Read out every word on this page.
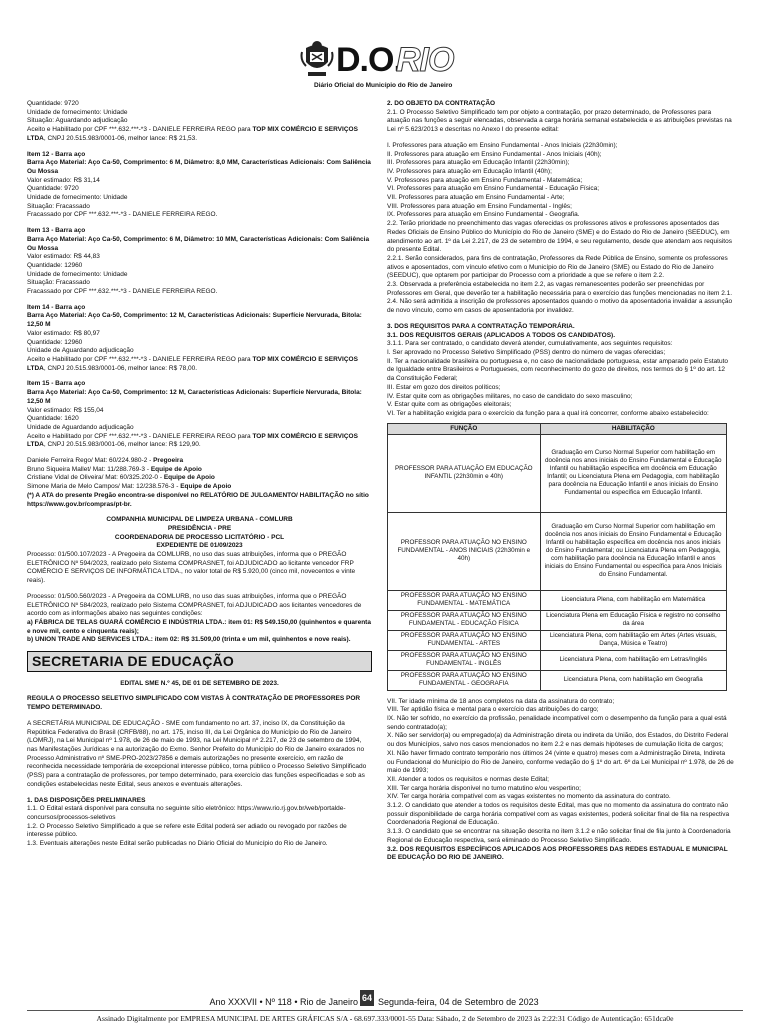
D.O.
RIO
Diário Oficial do Município do Rio de Janeiro

Quantidade: 9720

Unidade de fornecimento: Unidade

Situação: Aguardando adjudicação

Aceito e Habilitado por CPF ***.632.***-*3 - DANIELE FERREIRA REGO para TOP MIX COMÉRCIO E SERVIÇOS LTDA, CNPJ 20.515.983/0001-06, melhor lance: R$ 21,53.

Item 12 - Barra aço

Barra Aço Material: Aço Ca-50, Comprimento: 6 M, Diâmetro: 8,0 MM, Características Adicionais: Com Saliência Ou Mossa

Valor estimado: R$ 31,14

Quantidade: 9720

Unidade de fornecimento: Unidade

Situação: Fracassado

Fracassado por CPF ***.632.***-*3 - DANIELE FERREIRA REGO.

Item 13 - Barra aço

Barra Aço Material: Aço Ca-50, Comprimento: 6 M, Diâmetro: 10 MM, Características Adicionais: Com Saliência Ou Mossa

Valor estimado: R$ 44,83

Quantidade: 12960

Unidade de fornecimento: Unidade

Situação: Fracassado

Fracassado por CPF ***.632.***-*3 - DANIELE FERREIRA REGO.

Item 14 - Barra aço

Barra Aço Material: Aço Ca-50, Comprimento: 12 M, Características Adicionais: Superfície Nervurada, Bitola: 12,50 M

Valor estimado: R$ 80,97

Quantidade: 12960

Unidade de Aguardando adjudicação

Aceito e Habilitado por CPF ***.632.***-*3 - DANIELE FERREIRA REGO para TOP MIX COMÉRCIO E SERVIÇOS LTDA, CNPJ 20.515.983/0001-06, melhor lance: R$ 78,00.

Item 15 - Barra aço

Barra Aço Material: Aço Ca-50, Comprimento: 12 M, Características Adicionais: Superfície Nervurada, Bitola: 12,50 M

Valor estimado: R$ 155,04

Quantidade: 1620

Unidade de Aguardando adjudicação

Aceito e Habilitado por CPF ***.632.***-*3 - DANIELE FERREIRA REGO para TOP MIX COMÉRCIO E SERVIÇOS LTDA, CNPJ 20.515.983/0001-06, melhor lance: R$ 129,90.

Daniele Ferreira Rego/ Mat: 60/224.980-2 - Pregoeira

Bruno Siqueira Mallet/ Mat: 11/288.769-3 - Equipe de Apoio

Cristiane Vidal de Oliveira/ Mat: 60/325.202-0 - Equipe de Apoio

Simone Maria de Melo Campos/ Mat: 12/238.576-3 - Equipe de Apoio

(*) A ATA do presente Pregão encontra-se disponível no RELATÓRIO DE JULGAMENTO/ HABILITAÇÃO no sítio https://www.gov.br/compras/pt-br.

COMPANHIA MUNICIPAL DE LIMPEZA URBANA - COMLURB

PRESIDÊNCIA - PRE

COORDENADORIA DE PROCESSO LICITATÓRIO - PCL

EXPEDIENTE DE 01/09/2023

Processo: 01/500.107/2023 - A Pregoeira da COMLURB, no uso das suas atribuições, informa que o PREGÃO ELETRÔNICO Nº 594/2023, realizado pelo Sistema COMPRASNET, foi ADJUDICADO ao licitante vencedor FRP COMÉRCIO E SERVIÇOS DE INFORMÁTICA LTDA., no valor total de R$ 5.920,00 (cinco mil, novecentos e vinte reais).

Processo: 01/500.560/2023 - A Pregoeira da COMLURB, no uso das suas atribuições, informa que o PREGÃO ELETRÔNICO Nº 584/2023, realizado pelo Sistema COMPRASNET, foi ADJUDICADO aos licitantes vencedores de acordo com as informações abaixo nas seguintes condições:

a) FÁBRICA DE TELAS GUARÁ COMÉRCIO E INDÚSTRIA LTDA.: item 01: R$ 549.150,00 (quinhentos e quarenta e nove mil, cento e cinquenta reais);

b) UNION TRADE AND SERVICES LTDA.: item 02: R$ 31.509,00 (trinta e um mil, quinhentos e nove reais).

SECRETARIA DE EDUCAÇÃO

EDITAL SME N.º 45, DE 01 DE SETEMBRO DE 2023.

REGULA O PROCESSO SELETIVO SIMPLIFICADO COM VISTAS À CONTRATAÇÃO DE PROFESSORES POR TEMPO DETERMINADO.

A SECRETÁRIA MUNICIPAL DE EDUCAÇÃO - SME com fundamento no art. 37, inciso IX, da Constituição da República Federativa do Brasil (CRFB/88), no art. 175, inciso III, da Lei Orgânica do Município do Rio de Janeiro (LOMRJ), na Lei Municipal nº 1.978, de 26 de maio de 1993, na Lei Municipal nº 2.217, de 23 de setembro de 1994, nas Manifestações Jurídicas e na autorização do Exmo. Senhor Prefeito do Município do Rio de Janeiro exarados no Processo Administrativo nº SME-PRO-2023/27856 e demais autorizações no presente exercício, em razão de reconhecida necessidade temporária de excepcional interesse público, torna público o Processo Seletivo Simplificado (PSS) para a contratação de professores, por tempo determinado, para exercício das funções especificadas e sob as condições estabelecidas neste Edital, seus anexos e eventuais alterações.

1. DAS DISPOSIÇÕES PRELIMINARES

1.1. O Edital estará disponível para consulta no seguinte sítio eletrônico: https://www.rio.rj.gov.br/web/portalde-concursos/processos-seletivos

1.2. O Processo Seletivo Simplificado a que se refere este Edital poderá ser adiado ou revogado por razões de interesse público.

1.3. Eventuais alterações neste Edital serão publicadas no Diário Oficial do Município do Rio de Janeiro.

2. DO OBJETO DA CONTRATAÇÃO

2.1. O Processo Seletivo Simplificado tem por objeto a contratação, por prazo determinado, de Professores para atuação nas funções a seguir elencadas, observada a carga horária semanal estabelecida e as atribuições previstas na Lei nº 5.623/2013 e descritas no Anexo I do presente edital:

I. Professores para atuação em Ensino Fundamental - Anos Iniciais (22h30min);

II. Professores para atuação em Ensino Fundamental - Anos Iniciais (40h);

III. Professores para atuação em Educação Infantil (22h30min);

IV. Professores para atuação em Educação Infantil (40h);

V. Professores para atuação em Ensino Fundamental - Matemática;

VI. Professores para atuação em Ensino Fundamental - Educação Física;

VII. Professores para atuação em Ensino Fundamental - Arte;

VIII. Professores para atuação em Ensino Fundamental - Inglês;

IX. Professores para atuação em Ensino Fundamental - Geografia.

2.2. Terão prioridade no preenchimento das vagas oferecidas os professores ativos e professores aposentados das Redes Oficiais de Ensino Público do Município do Rio de Janeiro (SME) e do Estado do Rio de Janeiro (SEEDUC), em atendimento ao art. 1º da Lei 2.217, de 23 de setembro de 1994, e seu regulamento, desde que atendam aos requisitos do presente Edital.

2.2.1. Serão considerados, para fins de contratação, Professores da Rede Pública de Ensino, somente os professores ativos e aposentados, com vínculo efetivo com o Município do Rio de Janeiro (SME) ou Estado do Rio de Janeiro (SEEDUC), que optarem por participar do Processo com a prioridade a que se refere o item 2.2.

2.3. Observada a preferência estabelecida no item 2.2, as vagas remanescentes poderão ser preenchidas por Professores em Geral, que deverão ter a habilitação necessária para o exercício das funções mencionadas no item 2.1.

2.4. Não será admitida a inscrição de professores aposentados quando o motivo da aposentadoria invalidar a assunção de novo vínculo, como em casos de aposentadoria por invalidez.

3. DOS REQUISITOS PARA A CONTRATAÇÃO TEMPORÁRIA.

3.1. DOS REQUISITOS GERAIS (APLICADOS A TODOS OS CANDIDATOS).

3.1.1. Para ser contratado, o candidato deverá atender, cumulativamente, aos seguintes requisitos:

I. Ser aprovado no Processo Seletivo Simplificado (PSS) dentro do número de vagas oferecidas;

II. Ter a nacionalidade brasileira ou portuguesa e, no caso de nacionalidade portuguesa, estar amparado pelo Estatuto de Igualdade entre Brasileiros e Portugueses, com reconhecimento do gozo de direitos, nos termos do § 1º do art. 12 da Constituição Federal;

III. Estar em gozo dos direitos políticos;

IV. Estar quite com as obrigações militares, no caso de candidato do sexo masculino;

V. Estar quite com as obrigações eleitorais;

VI. Ter a habilitação exigida para o exercício da função para a qual irá concorrer, conforme abaixo estabelecido:

FUNÇÃO	HABILITAÇÃO
PROFESSOR PARA ATUAÇÃO EM EDUCAÇÃO INFANTIL (22h30min e 40h)	Graduação em Curso Normal Superior com habilitação em docência nos anos iniciais do Ensino Fundamental e Educação Infantil ou habilitação específica em docência em Educação Infantil; ou Licenciatura Plena em Pedagogia, com habilitação para docência na Educação Infantil e anos iniciais do Ensino Fundamental ou específica em Educação Infantil.
PROFESSOR PARA ATUAÇÃO NO ENSINO FUNDAMENTAL - ANOS INICIAIS (22h30min e 40h)	Graduação em Curso Normal Superior com habilitação em docência nos anos iniciais do Ensino Fundamental e Educação Infantil ou habilitação específica em docência nos anos iniciais do Ensino Fundamental; ou Licenciatura Plena em Pedagogia, com habilitação para docência na Educação Infantil e anos iniciais do Ensino Fundamental ou específica para Anos Iniciais do Ensino Fundamental.
PROFESSOR PARA ATUAÇÃO NO ENSINO FUNDAMENTAL - MATEMÁTICA	Licenciatura Plena, com habilitação em Matemática
PROFESSOR PARA ATUAÇÃO NO ENSINO FUNDAMENTAL - EDUCAÇÃO FÍSICA	Licenciatura Plena em Educação Física e registro no conselho da área
PROFESSOR PARA ATUAÇÃO NO ENSINO FUNDAMENTAL - ARTES	Licenciatura Plena, com habilitação em Artes (Artes visuais, Dança, Música e Teatro)
PROFESSOR PARA ATUAÇÃO NO ENSINO FUNDAMENTAL - INGLÊS	Licenciatura Plena, com habilitação em Letras/Inglês
PROFESSOR PARA ATUAÇÃO NO ENSINO FUNDAMENTAL - GEOGRAFIA	Licenciatura Plena, com habilitação em Geografia

VII. Ter idade mínima de 18 anos completos na data da assinatura do contrato;

VIII. Ter aptidão física e mental para o exercício das atribuições do cargo;

IX. Não ter sofrido, no exercício da profissão, penalidade incompatível com o desempenho da função para a qual está sendo contratado(a);

X. Não ser servidor(a) ou empregado(a) da Administração direta ou indireta da União, dos Estados, do Distrito Federal ou dos Municípios, salvo nos casos mencionados no item 2.2 e nas demais hipóteses de cumulação lícita de cargos;

XI. Não haver firmado contrato temporário nos últimos 24 (vinte e quatro) meses com a Administração Direta, Indireta ou Fundacional do Município do Rio de Janeiro, conforme vedação do § 1º do art. 6º da Lei Municipal nº 1.978, de 26 de maio de 1993;

XII. Atender a todos os requisitos e normas deste Edital;

XIII. Ter carga horária disponível no turno matutino e/ou vespertino;

XIV. Ter carga horária compatível com as vagas existentes no momento da assinatura do contrato.

3.1.2. O candidato que atender a todos os requisitos deste Edital, mas que no momento da assinatura do contrato não possuir disponibilidade de carga horária compatível com as vagas existentes, poderá solicitar final de fila na respectiva Coordenadoria Regional de Educação.

3.1.3. O candidato que se encontrar na situação descrita no item 3.1.2 e não solicitar final de fila junto à Coordenadoria Regional de Educação respectiva, será eliminado do Processo Seletivo Simplificado.

3.2. DOS REQUISITOS ESPECÍFICOS APLICADOS AOS PROFESSORES DAS REDES ESTADUAL E MUNICIPAL DE EDUCAÇÃO DO RIO DE JANEIRO.

Ano XXXVII • Nº 118 • Rio de Janeiro 64 Segunda-feira, 04 de Setembro de 2023
Assinado Digitalmente por EMPRESA MUNICIPAL DE ARTES GRÁFICAS S/A - 68.697.333/0001-55 Data: Sábado, 2 de Setembro de 2023 às 2:22:31 Código de Autenticação: 651dca0e
